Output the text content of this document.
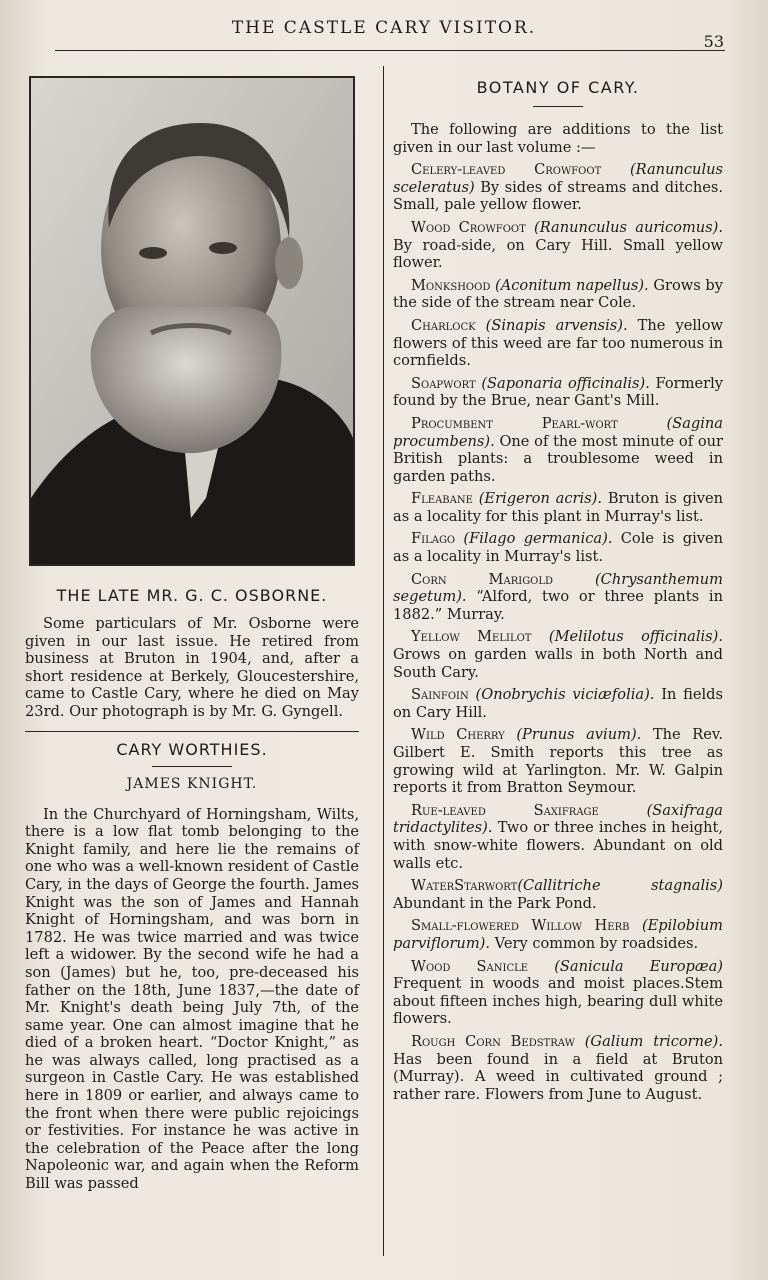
THE CASTLE CARY VISITOR.
53
THE LATE MR. G. C. OSBORNE.

Some particulars of Mr. Osborne were given in our last issue. He retired from business at Bruton in 1904, and, after a short residence at Berkely, Gloucestershire, came to Castle Cary, where he died on May 23rd. Our photograph is by Mr. G. Gyngell.

CARY WORTHIES.
JAMES KNIGHT.

In the Churchyard of Horningsham, Wilts, there is a low flat tomb belonging to the Knight family, and here lie the remains of one who was a well-known resident of Castle Cary, in the days of George the fourth. James Knight was the son of James and Hannah Knight of Horningsham, and was born in 1782. He was twice married and was twice left a widower. By the second wife he had a son (James) but he, too, pre-deceased his father on the 18th, June 1837,—the date of Mr. Knight's death being July 7th, of the same year. One can almost imagine that he died of a broken heart. “Doctor Knight,” as he was always called, long practised as a surgeon in Castle Cary. He was established here in 1809 or earlier, and always came to the front when there were public rejoicings or festivities. For instance he was active in the celebration of the Peace after the long Napoleonic war, and again when the Reform Bill was passed

BOTANY OF CARY.

The following are additions to the list given in our last volume :—

Celery-leaved Crowfoot (Ranunculus sceleratus) By sides of streams and ditches. Small, pale yellow flower.

Wood Crowfoot (Ranunculus auricomus). By road-side, on Cary Hill. Small yellow flower.

Monkshood (Aconitum napellus). Grows by the side of the stream near Cole.

Charlock (Sinapis arvensis). The yellow flowers of this weed are far too numerous in cornfields.

Soapwort (Saponaria officinalis). Formerly found by the Brue, near Gant's Mill.

Procumbent Pearl-wort	(Sagina procumbens). One of the most minute of our British plants: a troublesome weed in garden paths.

Fleabane (Erigeron acris). Bruton is given as a locality for this plant in Murray's list.

Filago (Filago germanica). Cole is given as a locality in Murray's list.

Corn Marigold	(Chrysanthemum segetum). “Alford, two or three plants in 1882.” Murray.

Yellow Melilot (Melilotus officinalis). Grows on garden walls in both North and South Cary.

Sainfoin (Onobrychis viciæfolia). In fields on Cary Hill.

Wild Cherry (Prunus avium). The Rev. Gilbert E. Smith reports this tree as growing wild at Yarlington. Mr. W. Galpin reports it from Bratton Seymour.

Rue-leaved Saxifrage	(Saxifraga tridactylites). Two or three inches in height, with snow-white flowers. Abundant on old walls etc.

WaterStarwort(Callitriche stagnalis) Abundant in the Park Pond.

Small-flowered Willow Herb (Epilobium parviflorum). Very common by roadsides.

Wood Sanicle (Sanicula Europæa) Frequent in woods and moist places.Stem about fifteen inches high, bearing dull white flowers.

Rough Corn Bedstraw (Galium tricorne). Has been found in a field at Bruton (Murray). A weed in cultivated ground ; rather rare. Flowers from June to August.
